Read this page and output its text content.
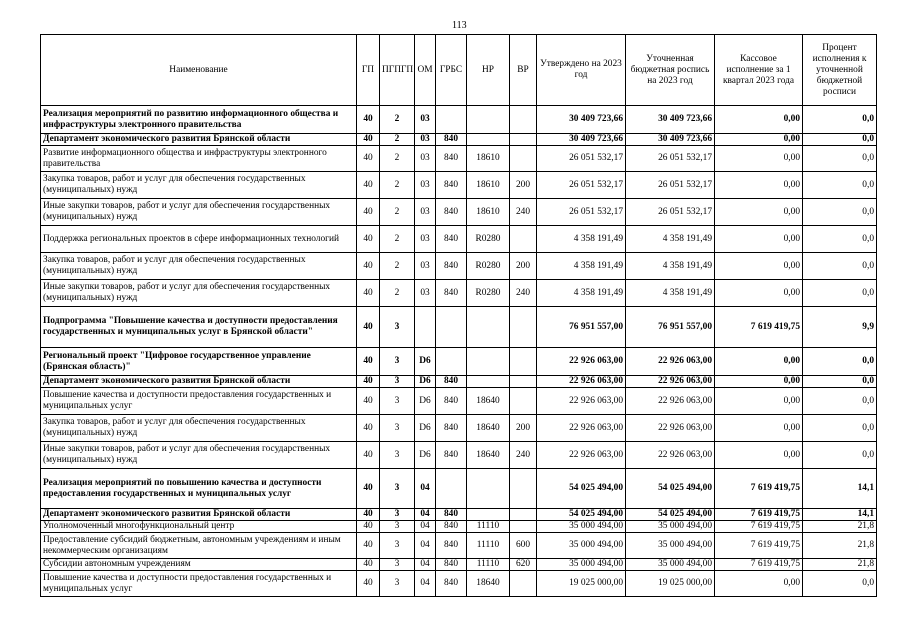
113
Наименование	ГП	ПГПГП	ОМ	ГРБС	НР	ВР	Утверждено на 2023 год	Уточненная бюджетная роспись на 2023 год	Кассовое исполнение за 1 квартал 2023 года	Процент исполнения к уточненной бюджетной росписи
Реализация мероприятий по развитию информационного общества и инфраструктуры электронного правительства	40	2	03				30 409 723,66	30 409 723,66	0,00	0,0
Департамент экономического развития Брянской области	40	2	03	840			30 409 723,66	30 409 723,66	0,00	0,0
Развитие информационного общества и инфраструктуры электронного правительства	40	2	03	840	18610		26 051 532,17	26 051 532,17	0,00	0,0
Закупка товаров, работ и услуг для обеспечения государственных (муниципальных) нужд	40	2	03	840	18610	200	26 051 532,17	26 051 532,17	0,00	0,0
Иные закупки товаров, работ и услуг для обеспечения государственных (муниципальных) нужд	40	2	03	840	18610	240	26 051 532,17	26 051 532,17	0,00	0,0
Поддержка региональных проектов в сфере информационных технологий	40	2	03	840	R0280		4 358 191,49	4 358 191,49	0,00	0,0
Закупка товаров, работ и услуг для обеспечения государственных (муниципальных) нужд	40	2	03	840	R0280	200	4 358 191,49	4 358 191,49	0,00	0,0
Иные закупки товаров, работ и услуг для обеспечения государственных (муниципальных) нужд	40	2	03	840	R0280	240	4 358 191,49	4 358 191,49	0,00	0,0
Подпрограмма "Повышение качества и доступности предоставления государственных и муниципальных услуг в Брянской области"	40	3					76 951 557,00	76 951 557,00	7 619 419,75	9,9
Региональный проект "Цифровое государственное управление (Брянская область)"	40	3	D6				22 926 063,00	22 926 063,00	0,00	0,0
Департамент экономического развития Брянской области	40	3	D6	840			22 926 063,00	22 926 063,00	0,00	0,0
Повышение качества и доступности предоставления государственных и муниципальных услуг	40	3	D6	840	18640		22 926 063,00	22 926 063,00	0,00	0,0
Закупка товаров, работ и услуг для обеспечения государственных (муниципальных) нужд	40	3	D6	840	18640	200	22 926 063,00	22 926 063,00	0,00	0,0
Иные закупки товаров, работ и услуг для обеспечения государственных (муниципальных) нужд	40	3	D6	840	18640	240	22 926 063,00	22 926 063,00	0,00	0,0
Реализация мероприятий по повышению качества и доступности предоставления государственных и муниципальных услуг	40	3	04				54 025 494,00	54 025 494,00	7 619 419,75	14,1
Департамент экономического развития Брянской области	40	3	04	840			54 025 494,00	54 025 494,00	7 619 419,75	14,1
Уполномоченный многофункциональный центр	40	3	04	840	11110		35 000 494,00	35 000 494,00	7 619 419,75	21,8
Предоставление субсидий бюджетным, автономным учреждениям и иным некоммерческим организациям	40	3	04	840	11110	600	35 000 494,00	35 000 494,00	7 619 419,75	21,8
Субсидии автономным учреждениям	40	3	04	840	11110	620	35 000 494,00	35 000 494,00	7 619 419,75	21,8
Повышение качества и доступности предоставления государственных и муниципальных услуг	40	3	04	840	18640		19 025 000,00	19 025 000,00	0,00	0,0
